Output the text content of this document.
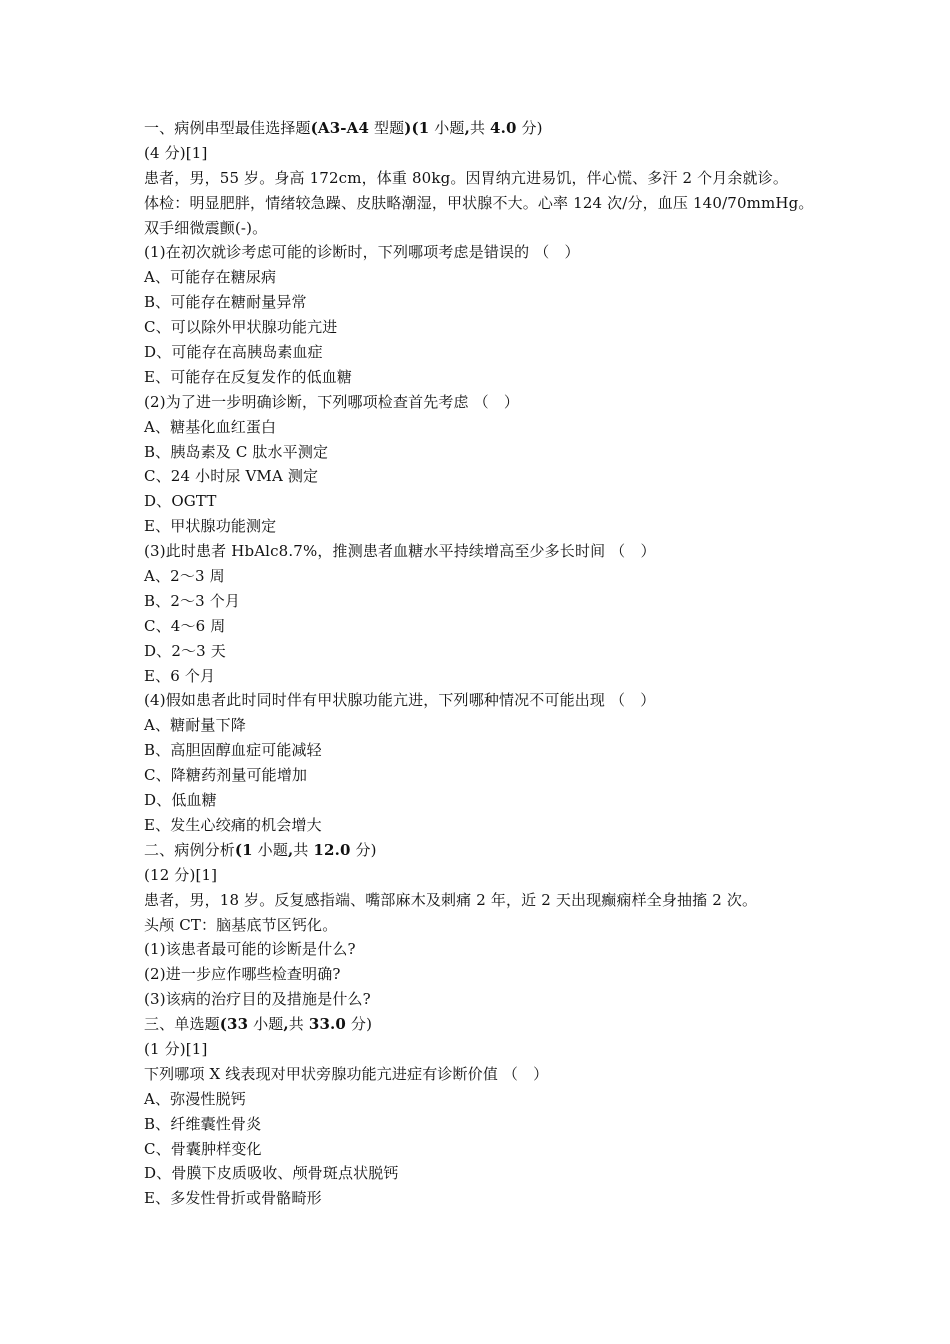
一、病例串型最佳选择题(A3-A4 型题)(1 小题,共 4.0 分)
(4 分)[1]
患者，男，55 岁。身高 172cm，体重 80kg。因胃纳亢进易饥，伴心慌、多汗 2 个月余就诊。
体检：明显肥胖，情绪较急躁、皮肤略潮湿，甲状腺不大。心率 124 次/分，血压 140/70mmHg。
双手细微震颤(-)。
(1)在初次就诊考虑可能的诊断时，下列哪项考虑是错误的 （　）
A、可能存在糖尿病
B、可能存在糖耐量异常
C、可以除外甲状腺功能亢进
D、可能存在高胰岛素血症
E、可能存在反复发作的低血糖
(2)为了进一步明确诊断，下列哪项检查首先考虑 （　）
A、糖基化血红蛋白
B、胰岛素及 C 肽水平测定
C、24 小时尿 VMA 测定
D、OGTT
E、甲状腺功能测定
(3)此时患者 HbAlc8.7%，推测患者血糖水平持续增高至少多长时间 （　）
A、2～3 周
B、2～3 个月
C、4～6 周
D、2～3 天
E、6 个月
(4)假如患者此时同时伴有甲状腺功能亢进，下列哪种情况不可能出现 （　）
A、糖耐量下降
B、高胆固醇血症可能减轻
C、降糖药剂量可能增加
D、低血糖
E、发生心绞痛的机会增大
二、病例分析(1 小题,共 12.0 分)
(12 分)[1]
患者，男，18 岁。反复感指端、嘴部麻木及刺痛 2 年，近 2 天出现癫痫样全身抽搐 2 次。
头颅 CT：脑基底节区钙化。
(1)该患者最可能的诊断是什么?
(2)进一步应作哪些检查明确?
(3)该病的治疗目的及措施是什么?
三、单选题(33 小题,共 33.0 分)
(1 分)[1]
下列哪项 X 线表现对甲状旁腺功能亢进症有诊断价值 （　）
A、弥漫性脱钙
B、纤维囊性骨炎
C、骨囊肿样变化
D、骨膜下皮质吸收、颅骨斑点状脱钙
E、多发性骨折或骨骼畸形
